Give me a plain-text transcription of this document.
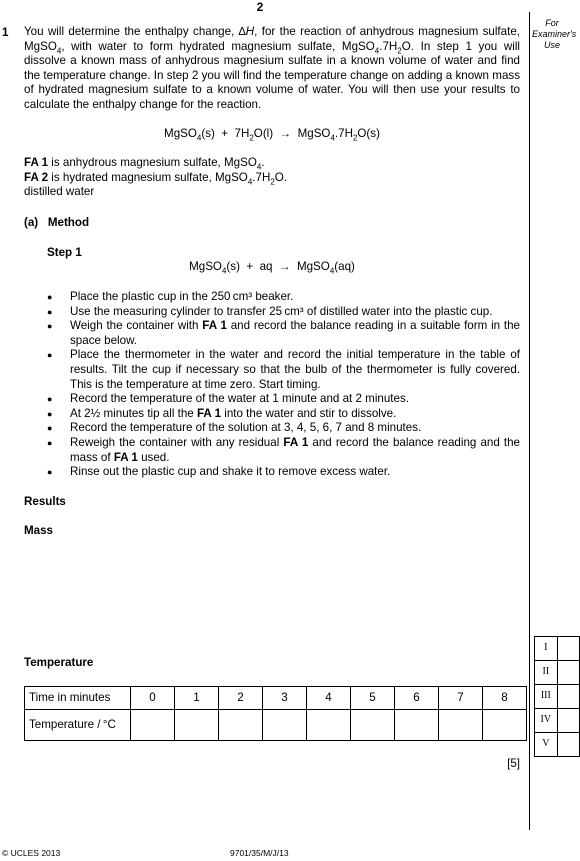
2
For
Examiner's
Use
1 You will determine the enthalpy change, ∆H, for the reaction of anhydrous magnesium sulfate, MgSO$_4$, with water to form hydrated magnesium sulfate, $MgSO_4.7H_2O$. In step 1 you will dissolve a known mass of anhydrous magnesium sulfate in a known volume of water and find the temperature change. In step 2 you will find the temperature change on adding a known mass of hydrated magnesium sulfate to a known volume of water. You will then use your results to calculate the enthalpy change for the reaction.
MgSO$_4$(s)  +  $7H_2O(l)$  →  $MgSO_4.7H_2O(s)$
FA 1 is anhydrous magnesium sulfate, MgSO$_4$.
FA 2 is hydrated magnesium sulfate, $MgSO_4.7H_2O$.
distilled water
(a)   Method
Step 1
MgSO$_4$(s)  +  aq  →  MgSO$_4$(aq)
● Place the plastic cup in the 250 cm³ beaker.
● Use the measuring cylinder to transfer 25 cm³ of distilled water into the plastic cup.
● Weigh the container with FA 1 and record the balance reading in a suitable form in the space below.
● Place the thermometer in the water and record the initial temperature in the table of results. Tilt the cup if necessary so that the bulb of the thermometer is fully covered. This is the temperature at time zero. Start timing.
● Record the temperature of the water at 1 minute and at 2 minutes.
● At 2½ minutes tip all the FA 1 into the water and stir to dissolve.
● Record the temperature of the solution at 3, 4, 5, 6, 7 and 8 minutes.
● Reweigh the container with any residual FA 1 and record the balance reading and the mass of FA 1 used.
● Rinse out the plastic cup and shake it to remove excess water.
Results
Mass
Temperature
Time in minutes	0	1	2	3	4	5	6	7	8
Temperature / °C									
[5]
I	
II	
III	
IV	
V	
© UCLES 2013	9701/35/M/J/13
